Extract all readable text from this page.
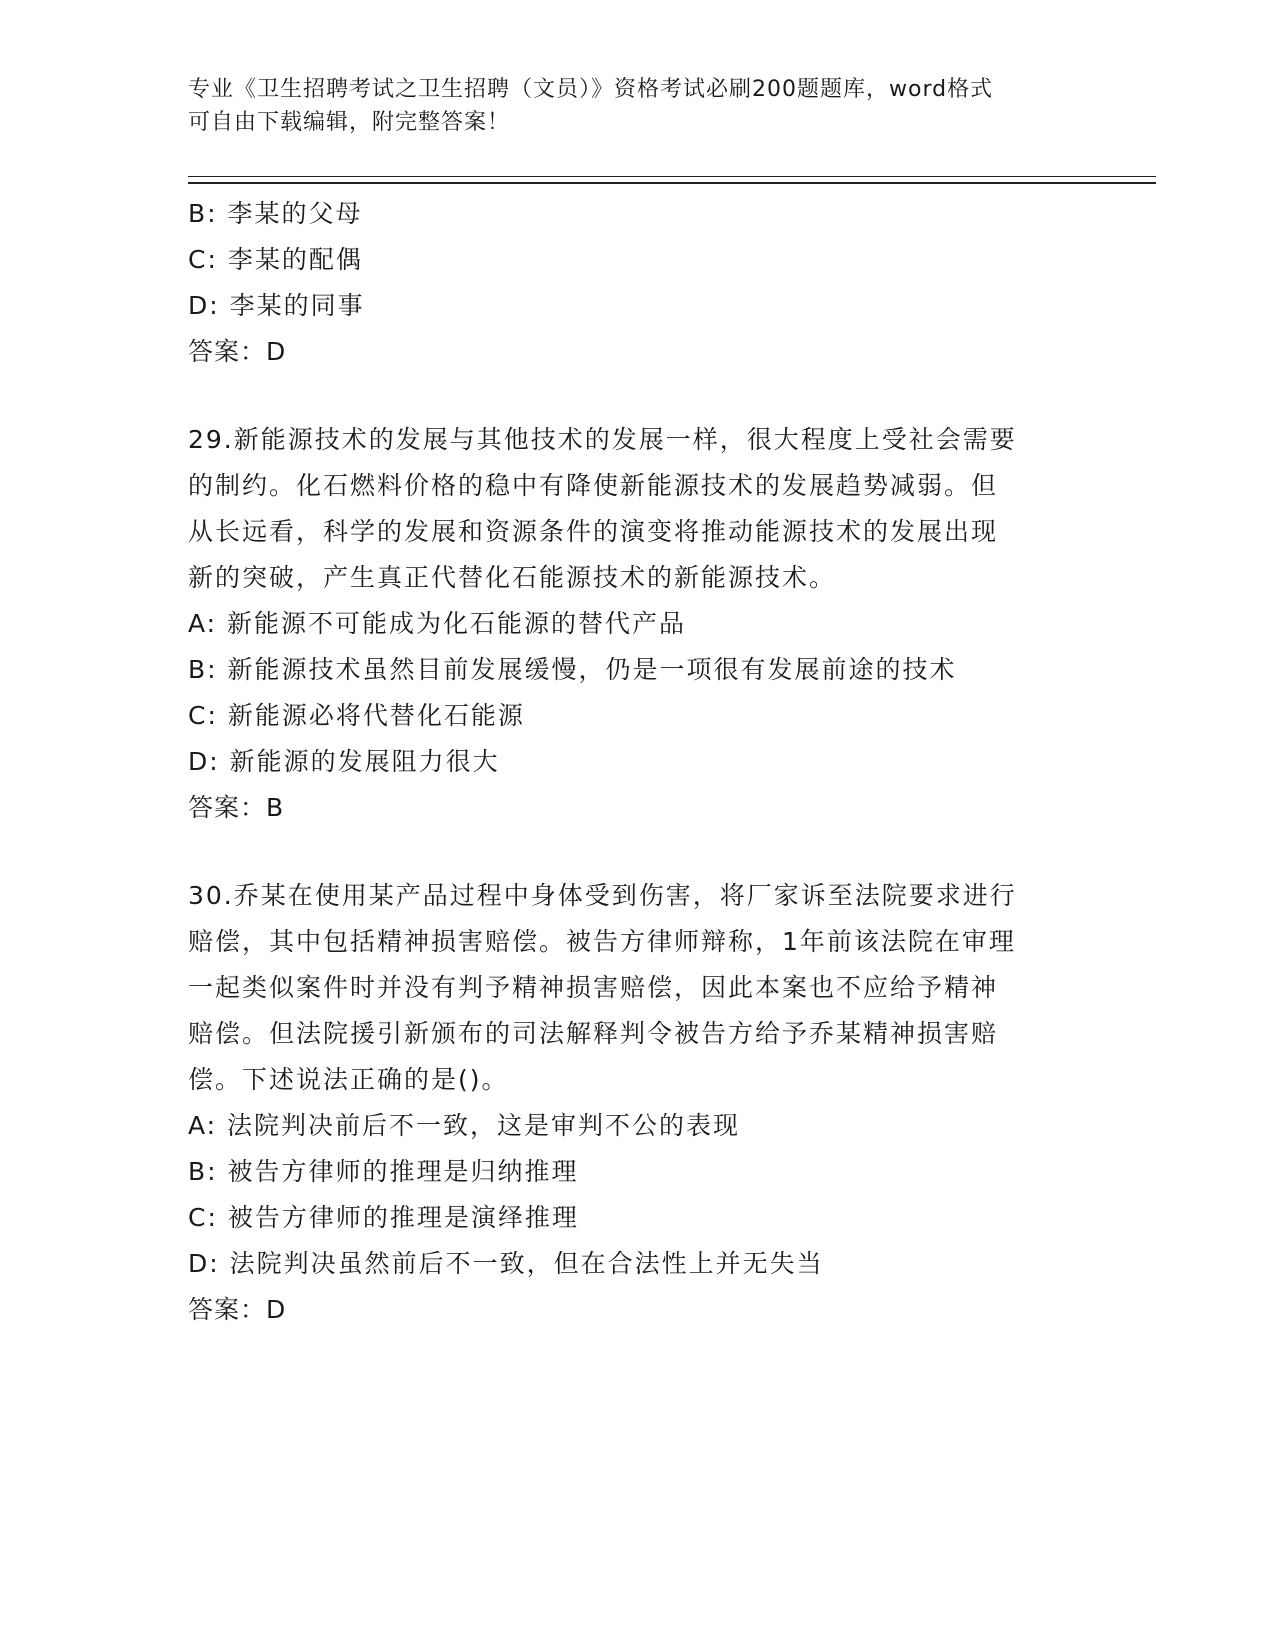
专业《卫生招聘考试之卫生招聘（文员）》资格考试必刷200题题库，word格式
可自由下载编辑，附完整答案！
B: 李某的父母
C: 李某的配偶
D: 李某的同事
答案：D
29.新能源技术的发展与其他技术的发展一样，很大程度上受社会需要
的制约。化石燃料价格的稳中有降使新能源技术的发展趋势减弱。但
从长远看，科学的发展和资源条件的演变将推动能源技术的发展出现
新的突破，产生真正代替化石能源技术的新能源技术。
A: 新能源不可能成为化石能源的替代产品
B: 新能源技术虽然目前发展缓慢，仍是一项很有发展前途的技术
C: 新能源必将代替化石能源
D: 新能源的发展阻力很大
答案：B
30.乔某在使用某产品过程中身体受到伤害，将厂家诉至法院要求进行
赔偿，其中包括精神损害赔偿。被告方律师辩称，1年前该法院在审理
一起类似案件时并没有判予精神损害赔偿，因此本案也不应给予精神
赔偿。但法院援引新颁布的司法解释判令被告方给予乔某精神损害赔
偿。下述说法正确的是()。
A: 法院判决前后不一致，这是审判不公的表现
B: 被告方律师的推理是归纳推理
C: 被告方律师的推理是演绎推理
D: 法院判决虽然前后不一致，但在合法性上并无失当
答案：D
